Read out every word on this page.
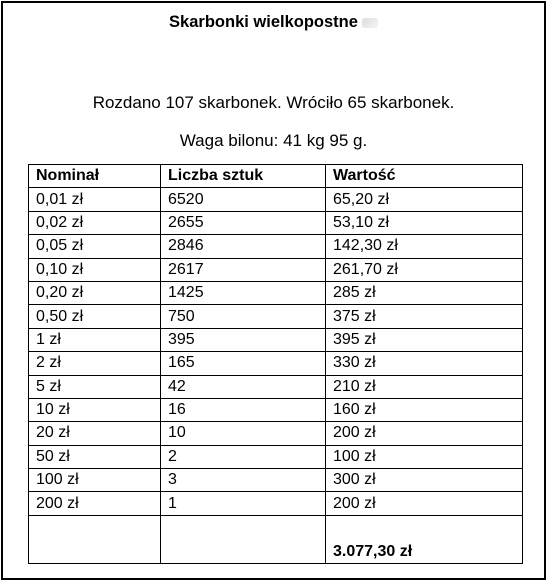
Skarbonki wielkopostne
Rozdano 107 skarbonek. Wróciło 65 skarbonek.
Waga bilonu: 41 kg 95 g.
Nominał	Liczba sztuk	Wartość
0,01 zł	6520	65,20 zł
0,02 zł	2655	53,10 zł
0,05 zł	2846	142,30 zł
0,10 zł	2617	261,70 zł
0,20 zł	1425	285 zł
0,50 zł	750	375 zł
1 zł	395	395 zł
2 zł	165	330 zł
5 zł	42	210 zł
10 zł	16	160 zł
20 zł	10	200 zł
50 zł	2	100 zł
100 zł	3	300 zł
200 zł	1	200 zł
		3.077,30 zł
